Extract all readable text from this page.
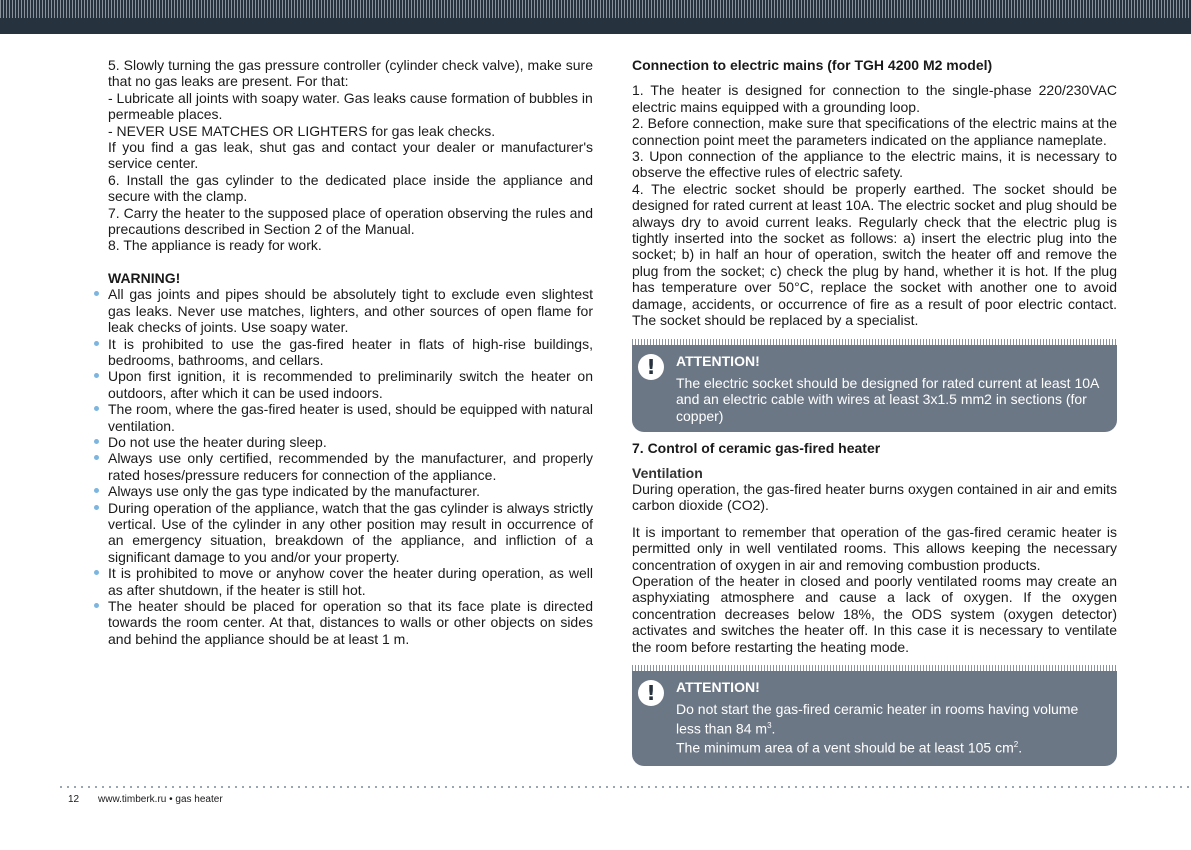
5. Slowly turning the gas pressure controller (cylinder check valve), make sure that no gas leaks are present. For that:

- Lubricate all joints with soapy water. Gas leaks cause formation of bubbles in permeable places.

- NEVER USE MATCHES OR LIGHTERS for gas leak checks.

If you find a gas leak, shut gas and contact your dealer or manufacturer's service center.

6. Install the gas cylinder to the dedicated place inside the appliance and secure with the clamp.

7. Carry the heater to the supposed place of operation observing the rules and precautions described in Section 2 of the Manual.

8. The appliance is ready for work.

WARNING!

All gas joints and pipes should be absolutely tight to exclude even slightest gas leaks. Never use matches, lighters, and other sources of open flame for leak checks of joints. Use soapy water.
It is prohibited to use the gas-fired heater in flats of high-rise buildings, bedrooms, bathrooms, and cellars.
Upon first ignition, it is recommended to preliminarily switch the heater on outdoors, after which it can be used indoors.
The room, where the gas-fired heater is used, should be equipped with natural ventilation.
Do not use the heater during sleep.
Always use only certified, recommended by the manufacturer, and properly rated hoses/pressure reducers for connection of the appliance.
Always use only the gas type indicated by the manufacturer.
During operation of the appliance, watch that the gas cylinder is always strictly vertical. Use of the cylinder in any other position may result in occurrence of an emergency situation, breakdown of the appliance, and infliction of a significant damage to you and/or your property.
It is prohibited to move or anyhow cover the heater during operation, as well as after shutdown, if the heater is still hot.
The heater should be placed for operation so that its face plate is directed towards the room center. At that, distances to walls or other objects on sides and behind the appliance should be at least 1 m.

Connection to electric mains (for TGH 4200 M2 model)

1. The heater is designed for connection to the single-phase 220/230VAC electric mains equipped with a grounding loop.

2. Before connection, make sure that specifications of the electric mains at the connection point meet the parameters indicated on the appliance nameplate.

3. Upon connection of the appliance to the electric mains, it is necessary to observe the effective rules of electric safety.

4. The electric socket should be properly earthed. The socket should be designed for rated current at least 10A. The electric socket and plug should be always dry to avoid current leaks. Regularly check that the electric plug is tightly inserted into the socket as follows: a) insert the electric plug into the socket; b) in half an hour of operation, switch the heater off and remove the plug from the socket; c) check the plug by hand, whether it is hot. If the plug has temperature over 50°C, replace the socket with another one to avoid damage, accidents, or occurrence of fire as a result of poor electric contact. The socket should be replaced by a specialist.

!	ATTENTION!

The electric socket should be designed for rated current at least 10A and an electric cable with wires at least 3x1.5 mm2 in sections (for copper)

7. Control of ceramic gas-fired heater

Ventilation

During operation, the gas-fired heater burns oxygen contained in air and emits carbon dioxide (CO2).

It is important to remember that operation of the gas-fired ceramic heater is permitted only in well ventilated rooms. This allows keeping the necessary concentration of oxygen in air and removing combustion products.

Operation of the heater in closed and poorly ventilated rooms may create an asphyxiating atmosphere and cause a lack of oxygen. If the oxygen concentration decreases below 18%, the ODS system (oxygen detector) activates and switches the heater off. In this case it is necessary to ventilate the room before restarting the heating mode.

!	ATTENTION!

Do not start the gas-fired ceramic heater in rooms having volume less than 84 $m^3$.

The minimum area of a vent should be at least 105 $cm^2$.

12 www.timberk.ru • gas heater
